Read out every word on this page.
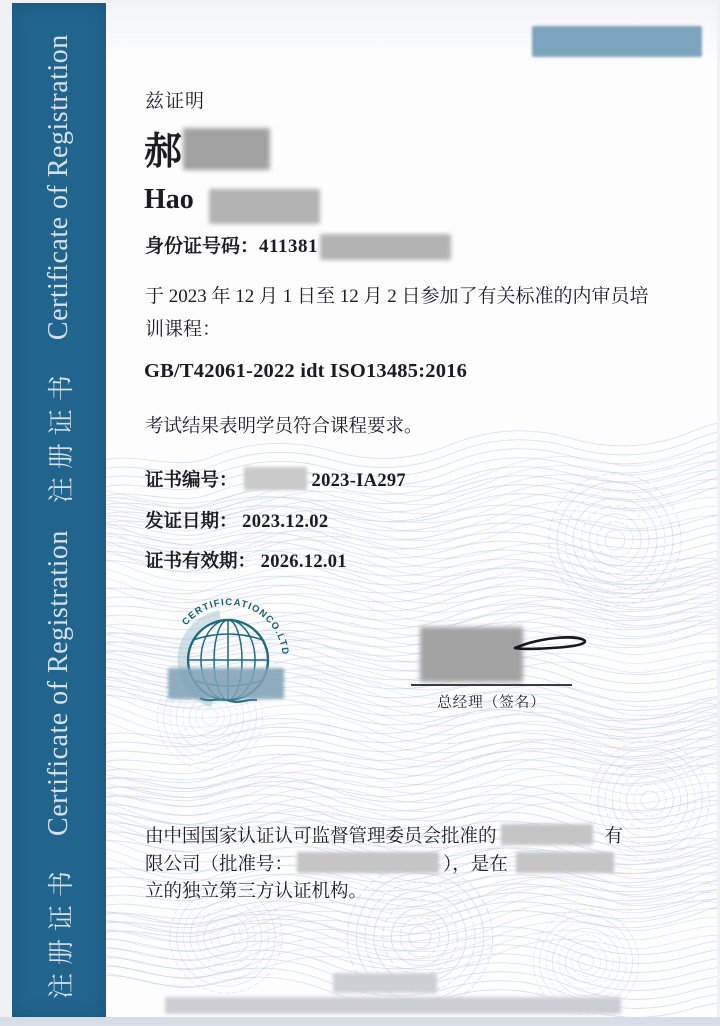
注册证书
Certificate of Registration
注册证书
Certificate of Registration	兹证明
郝
Hao
身份证号码：411381
于 2023 年 12 月 1 日至 12 月 2 日参加了有关标准的内审员培
训课程：
GB/T42061-2022 idt ISO13485:2016
考试结果表明学员符合课程要求。
证书编号：	2023-IA297
发证日期： 2023.12.02
证书有效期： 2026.12.01
CERTIFICATIONCO.LTD
总经理（签名）
由中国国家认证认可监督管理委员会批准的	有
限公司（批准号：	），是在
立的独立第三方认证机构。
